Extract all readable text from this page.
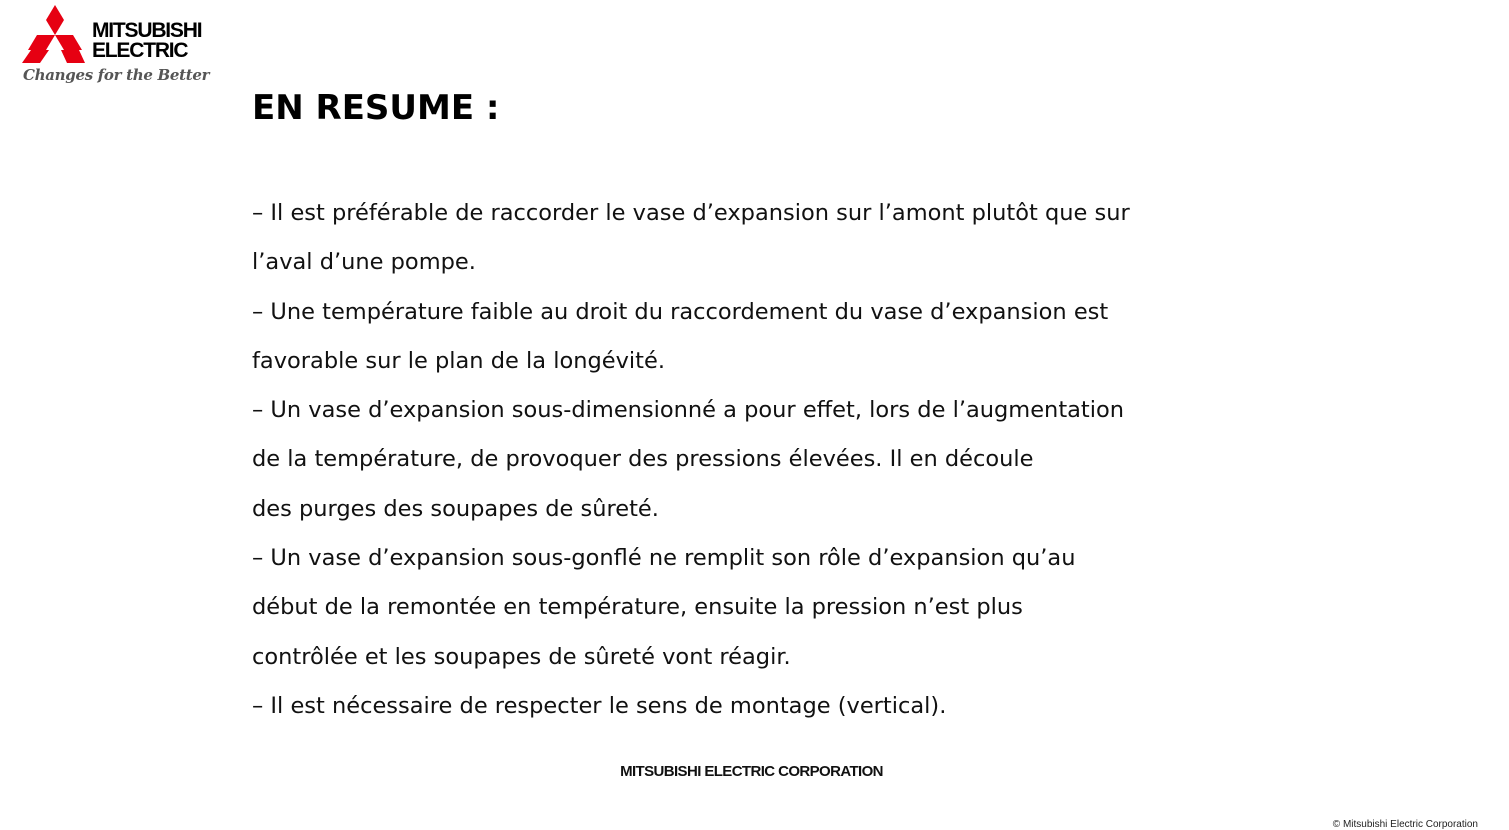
MITSUBISHI
ELECTRIC
Changes for the Better
EN RESUME :
– Il est préférable de raccorder le vase d’expansion sur l’amont plutôt que sur
l’aval d’une pompe.
– Une température faible au droit du raccordement du vase d’expansion est
favorable sur le plan de la longévité.
– Un vase d’expansion sous-dimensionné a pour effet, lors de l’augmentation
de la température, de provoquer des pressions élevées. Il en découle
des purges des soupapes de sûreté.
– Un vase d’expansion sous-gonflé ne remplit son rôle d’expansion qu’au
début de la remontée en température, ensuite la pression n’est plus
contrôlée et les soupapes de sûreté vont réagir.
– Il est nécessaire de respecter le sens de montage (vertical).
MITSUBISHI ELECTRIC CORPORATION
© Mitsubishi Electric Corporation
